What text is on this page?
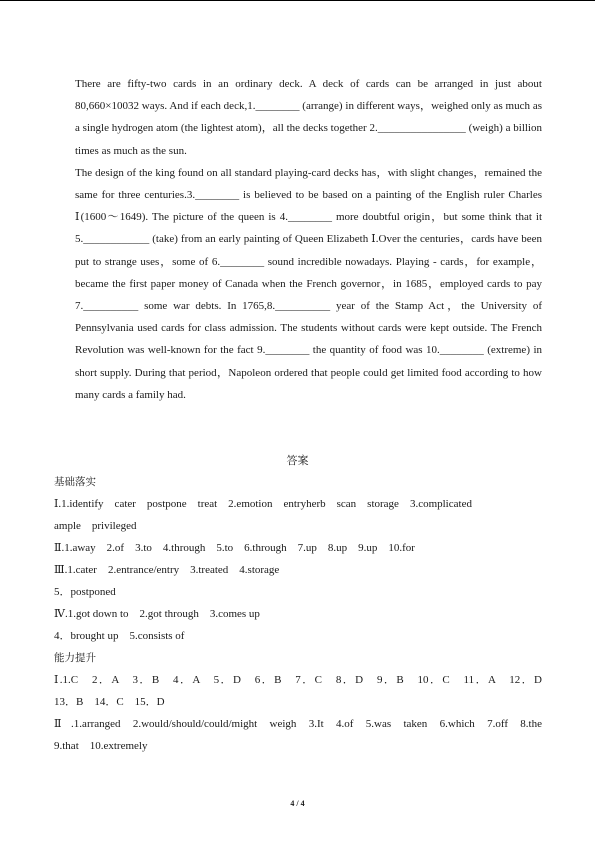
There are fifty-two cards in an ordinary deck. A deck of cards can be arranged in just about 80,660×10032 ways. And if each deck,1.________ (arrange) in different ways，weighed only as much as a single hydrogen atom (the lightest atom)，all the decks together 2.________________ (weigh) a billion times as much as the sun.

The design of the king found on all standard playing-card decks has，with slight changes，remained the same for three centuries.3.________ is believed to be based on a painting of the English ruler Charles Ⅰ(1600～1649). The picture of the queen is 4.________ more doubtful origin，but some think that it 5.____________ (take) from an early painting of Queen Elizabeth Ⅰ.Over the centuries，cards have been put to strange uses，some of 6.________ sound incredible nowadays. Playing - cards，for example，became the first paper money of Canada when the French governor，in 1685，employed cards to pay 7.__________ some war debts. In 1765,8.__________ year of the Stamp Act，the University of Pennsylvania used cards for class admission. The students without cards were kept outside. The French Revolution was well-known for the fact 9.________ the quantity of food was 10.________ (extreme) in short supply. During that period，Napoleon ordered that people could get limited food according to how many cards a family had.

答案
基础落实
Ⅰ.1.identify    cater    postpone    treat    2.emotion    entryherb    scan    storage    3.complicated
ample    privileged
Ⅱ.1.away    2.of    3.to    4.through    5.to    6.through    7.up    8.up    9.up    10.for
Ⅲ.1.cater    2.entrance/entry    3.treated    4.storage
5．postponed
Ⅳ.1.got down to    2.got through    3.comes up
4．brought up    5.consists of
能力提升
Ⅰ.1.C　2．A　3．B　4．A　5．D　6．B　7．C　8．D　9．B　10．C　11．A　12．D
13．B　14．C　15．D
Ⅱ.1.arranged 2.would/should/could/might weigh 3.It 4.of 5.was taken 6.which 7.off 8.the
9.that    10.extremely
4 / 4
